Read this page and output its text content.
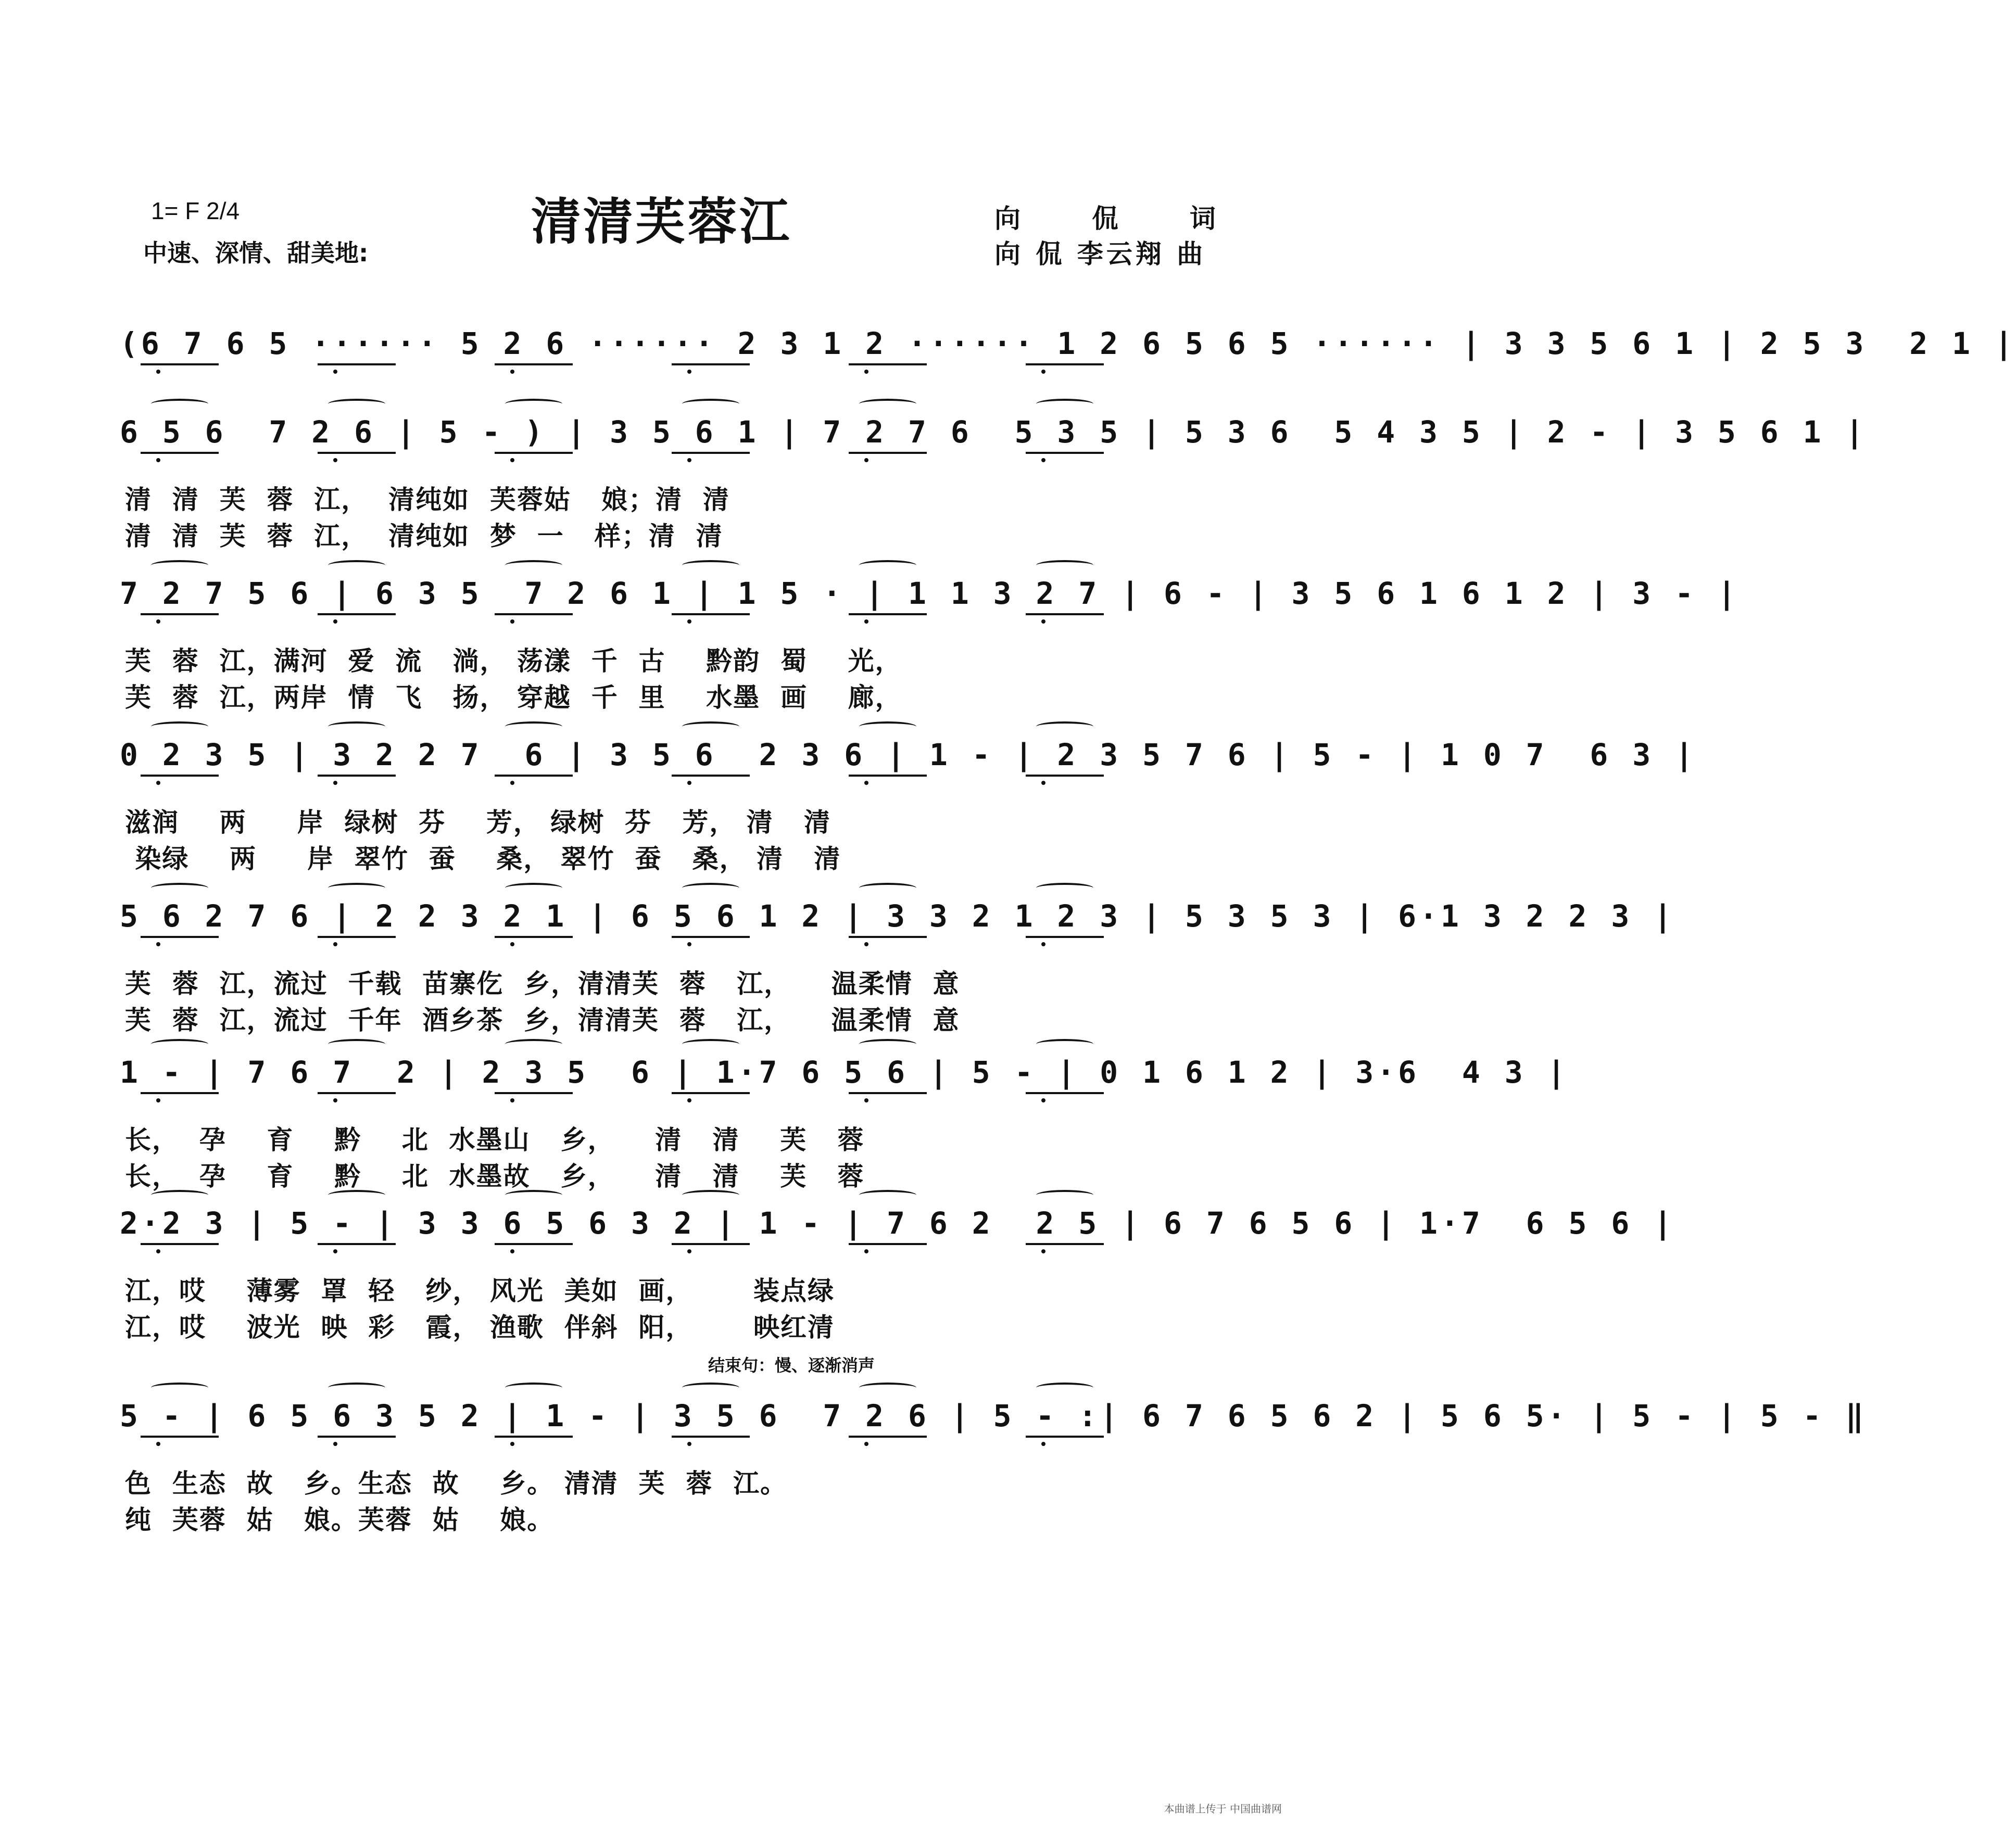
1= F 2/4
中速、深情、甜美地:
清清芙蓉江	向 侃 词
向 侃 李云翔 曲
(6 7 6 5 ······ 5 2 6 ······ 2 3 1 2 ······ 1 2 6 5 6 5 ······ | 3 3 5 6 1 | 2 5 3  2 1 |
6 5 6  7 2 6 | 5 - ) | 3 5 6 1 | 7 2 7 6  5 3 5 | 5 3 6  5 4 3 5 | 2 - | 3 5 6 1 |
清  清  芙  蓉  江，  清纯如  芙蓉姑   娘；清  清
清  清  芙  蓉  江，  清纯如  梦  一   样；清  清
7 2 7 5 6 | 6 3 5  7 2 6 1 | 1 5 · | 1 1 3 2 7 | 6 - | 3 5 6 1 6 1 2 | 3 - |
芙  蓉  江，满河  爱  流   淌， 荡漾  千  古    黔韵  蜀    光，
芙  蓉  江，两岸  情  飞   扬， 穿越  千  里    水墨  画    廊，
0 2 3 5 | 3 2 2 7  6 | 3 5 6  2 3 6 | 1 - | 2 3 5 7 6 | 5 - | 1 0 7  6 3 |
滋润    两     岸  绿树  芬    芳， 绿树  芬   芳， 清   清
染绿    两     岸  翠竹  蚕    桑， 翠竹  蚕   桑， 清   清
5 6 2 7 6 | 2 2 3 2 1 | 6 5 6 1 2 | 3 3 2 1 2 3 | 5 3 5 3 | 6·1 3 2 2 3 |
芙  蓉  江，流过  千载  苗寨仡  乡，清清芙  蓉   江，    温柔情  意
芙  蓉  江，流过  千年  酒乡茶  乡，清清芙  蓉   江，    温柔情  意
1 - | 7 6 7  2 | 2 3 5  6 | 1·7 6 5 6 | 5 - | 0 1 6 1 2 | 3·6  4 3 |
长，  孕    育    黔    北  水墨山   乡，    清   清    芙   蓉
长，  孕    育    黔    北  水墨故   乡，    清   清    芙   蓉
2·2 3 | 5 - | 3 3 6 5 6 3 2 | 1 - | 7 6 2  2 5 | 6 7 6 5 6 | 1·7  6 5 6 |
江，哎    薄雾  罩  轻   纱， 风光  美如  画，      装点绿
江，哎    波光  映  彩   霞， 渔歌  伴斜  阳，      映红清
5 - | 6 5 6 3 5 2 | 1 - | 3 5 6  7 2 6 | 5 - :| 6 7 6 5 6 2 | 5 6 5· | 5 - | 5 - ‖
色  生态  故   乡。生态  故    乡。 清清  芙  蓉  江。
纯  芙蓉  姑   娘。芙蓉  姑    娘。
结束句：慢、逐渐消声
本曲谱上传于 中国曲谱网
